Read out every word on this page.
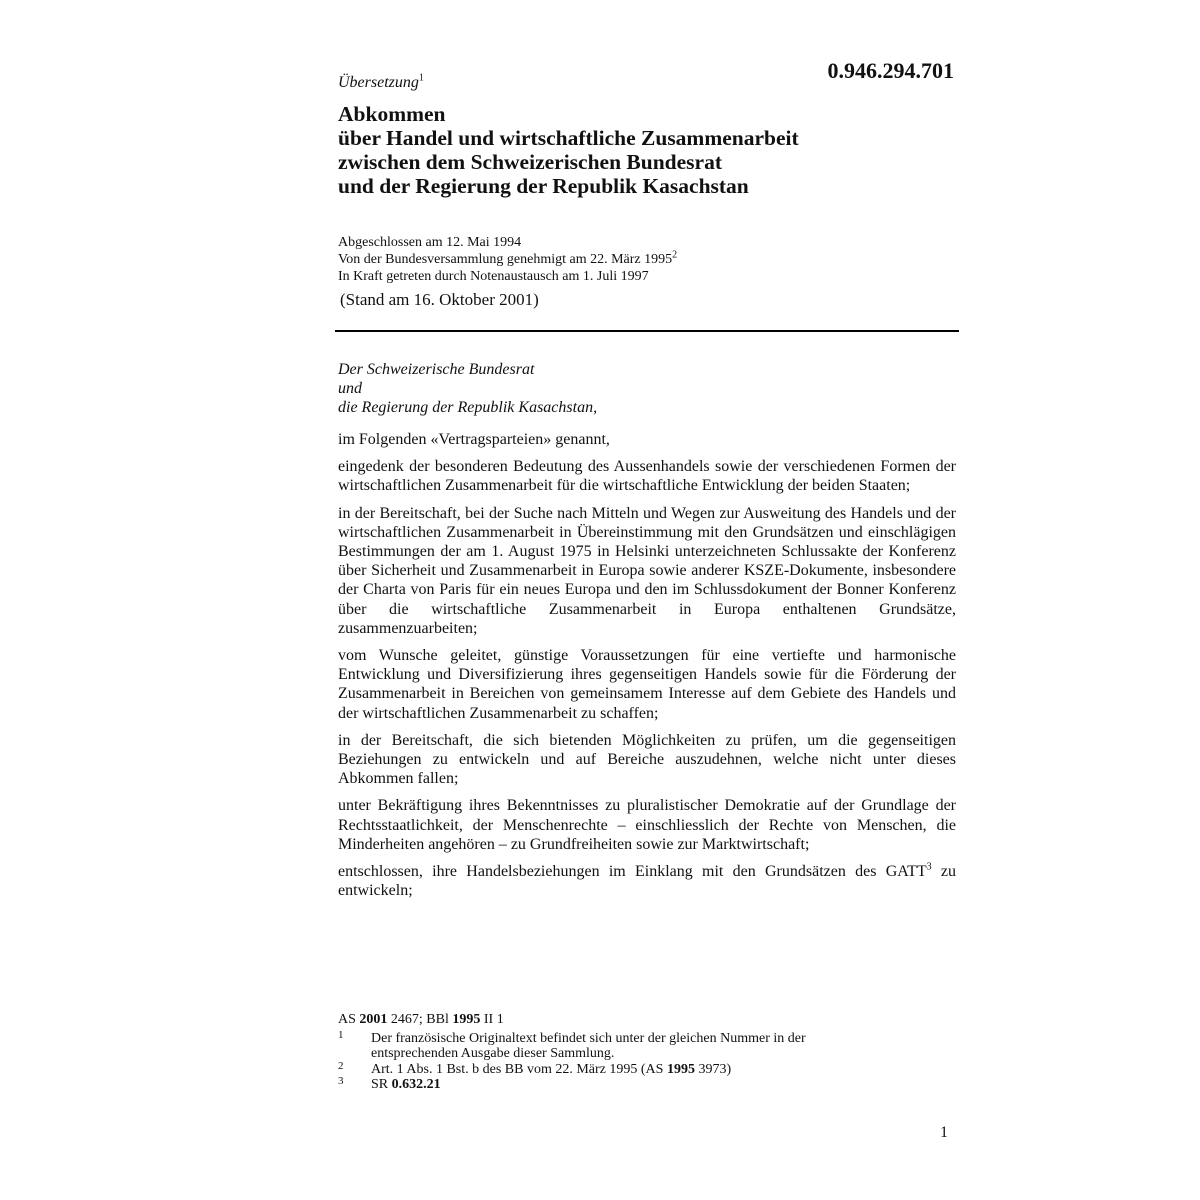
0.946.294.701
Übersetzung$^1$
Abkommen
über Handel und wirtschaftliche Zusammenarbeit
zwischen dem Schweizerischen Bundesrat
und der Regierung der Republik Kasachstan
Abgeschlossen am 12. Mai 1994
Von der Bundesversammlung genehmigt am 22. März 1995$^2$
In Kraft getreten durch Notenaustausch am 1. Juli 1997
(Stand am 16. Oktober 2001)
Der Schweizerische Bundesrat
und
die Regierung der Republik Kasachstan,

im Folgenden «Vertragsparteien» genannt,

eingedenk der besonderen Bedeutung des Aussenhandels sowie der verschiedenen Formen der wirtschaftlichen Zusammenarbeit für die wirtschaftliche Entwicklung der beiden Staaten;

in der Bereitschaft, bei der Suche nach Mitteln und Wegen zur Ausweitung des Handels und der wirtschaftlichen Zusammenarbeit in Übereinstimmung mit den Grundsätzen und einschlägigen Bestimmungen der am 1. August 1975 in Helsinki unterzeichneten Schlussakte der Konferenz über Sicherheit und Zusammenarbeit in Europa sowie anderer KSZE-Dokumente, insbesondere der Charta von Paris für ein neues Europa und den im Schlussdokument der Bonner Konferenz über die wirtschaftliche Zusammenarbeit in Europa enthaltenen Grundsätze, zusammenzuarbeiten;

vom Wunsche geleitet, günstige Voraussetzungen für eine vertiefte und harmonische Entwicklung und Diversifizierung ihres gegenseitigen Handels sowie für die Förderung der Zusammenarbeit in Bereichen von gemeinsamem Interesse auf dem Gebiete des Handels und der wirtschaftlichen Zusammenarbeit zu schaffen;

in der Bereitschaft, die sich bietenden Möglichkeiten zu prüfen, um die gegenseitigen Beziehungen zu entwickeln und auf Bereiche auszudehnen, welche nicht unter dieses Abkommen fallen;

unter Bekräftigung ihres Bekenntnisses zu pluralistischer Demokratie auf der Grundlage der Rechtsstaatlichkeit, der Menschenrechte – einschliesslich der Rechte von Menschen, die Minderheiten angehören – zu Grundfreiheiten sowie zur Marktwirtschaft;

entschlossen, ihre Handelsbeziehungen im Einklang mit den Grundsätzen des GATT$^3$ zu entwickeln;

AS 2001 2467; BBl 1995 II 1
1 Der französische Originaltext befindet sich unter der gleichen Nummer in der
entsprechenden Ausgabe dieser Sammlung.
2 Art. 1 Abs. 1 Bst. b des BB vom 22. März 1995 (AS 1995 3973)
3 SR 0.632.21
1
